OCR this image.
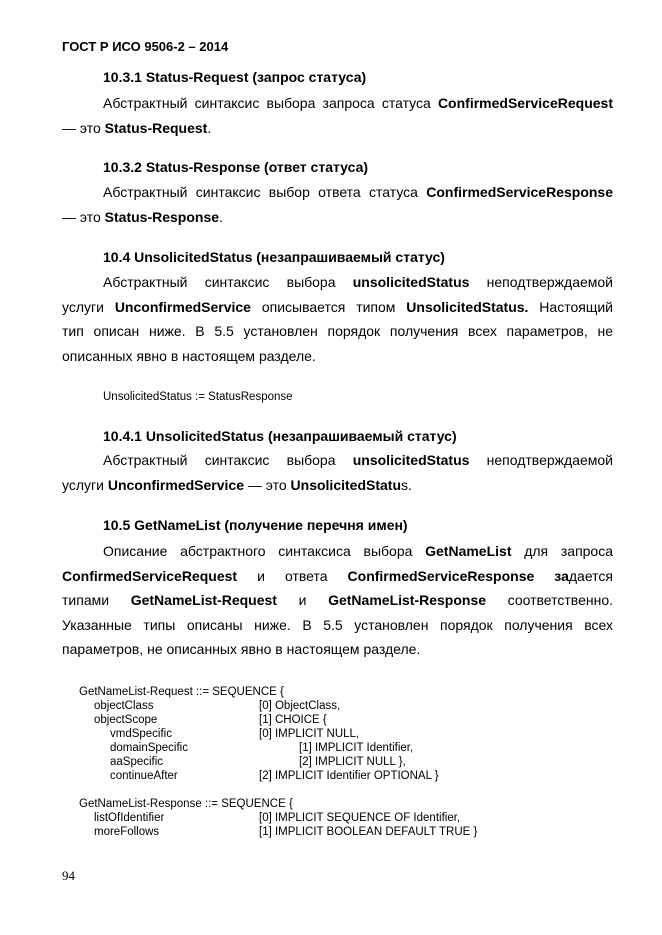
ГОСТ Р ИСО 9506-2 – 2014
10.3.1 Status-Request (запрос статуса)
Абстрактный синтаксис выбора запроса статуса ConfirmedServiceRequest
— это Status-Request.
10.3.2 Status-Response (ответ статуса)
Абстрактный синтаксис выбор ответа статуса ConfirmedServiceResponse
— это Status-Response.
10.4 UnsolicitedStatus (незапрашиваемый статус)
Абстрактный синтаксис выбора unsolicitedStatus неподтверждаемой
услуги UnconfirmedService описывается типом UnsolicitedStatus. Настоящий
тип описан ниже. В 5.5 установлен порядок получения всех параметров, не
описанных явно в настоящем разделе.
UnsolicitedStatus := StatusResponse
10.4.1 UnsolicitedStatus (незапрашиваемый статус)
Абстрактный синтаксис выбора unsolicitedStatus неподтверждаемой
услуги UnconfirmedService — это UnsolicitedStatus.
10.5 GetNameList (получение перечня имен)
Описание абстрактного синтаксиса выбора GetNameList для запроса
ConfirmedServiceRequest и ответа ConfirmedServiceResponse задается
типами GetNameList-Request и GetNameList-Response соответственно.
Указанные типы описаны ниже. В 5.5 установлен порядок получения всех
параметров, не описанных явно в настоящем разделе.
GetNameList-Request ::= SEQUENCE {
objectClass	[0] ObjectClass,
objectScope	[1] CHOICE {
vmdSpecific	[0] IMPLICIT NULL,
domainSpecific	[1] IMPLICIT Identifier,
aaSpecific	[2] IMPLICIT NULL },
continueAfter	[2] IMPLICIT Identifier OPTIONAL }
GetNameList-Response ::= SEQUENCE {
listOfIdentifier	[0] IMPLICIT SEQUENCE OF Identifier,
moreFollows	[1] IMPLICIT BOOLEAN DEFAULT TRUE }
94
